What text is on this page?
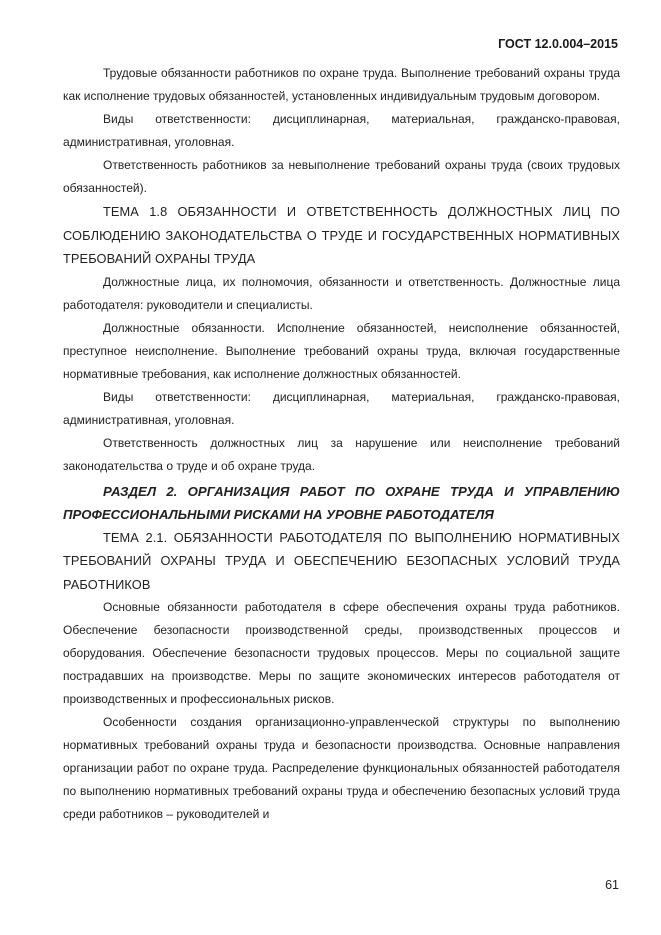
ГОСТ 12.0.004–2015

Трудовые обязанности работников по охране труда. Выполнение требований охраны труда как исполнение трудовых обязанностей, установленных индивидуальным трудовым договором.

Виды ответственности: дисциплинарная, материальная, гражданско-правовая, административная, уголовная.

Ответственность работников за невыполнение требований охраны труда (своих трудовых обязанностей).

ТЕМА 1.8 ОБЯЗАННОСТИ И ОТВЕТСТВЕННОСТЬ ДОЛЖНОСТНЫХ ЛИЦ ПО СОБЛЮДЕНИЮ ЗАКОНОДАТЕЛЬСТВА О ТРУДЕ И ГОСУДАРСТВЕННЫХ НОРМАТИВНЫХ ТРЕБОВАНИЙ ОХРАНЫ ТРУДА

Должностные лица, их полномочия, обязанности и ответственность. Должностные лица работодателя: руководители и специалисты.

Должностные обязанности. Исполнение обязанностей, неисполнение обязанностей, преступное неисполнение. Выполнение требований охраны труда, включая государственные нормативные требования, как исполнение должностных обязанностей.

Виды ответственности: дисциплинарная, материальная, гражданско-правовая, административная, уголовная.

Ответственность должностных лиц за нарушение или неисполнение требований законодательства о труде и об охране труда.

РАЗДЕЛ 2. ОРГАНИЗАЦИЯ РАБОТ ПО ОХРАНЕ ТРУДА И УПРАВЛЕНИЮ ПРОФЕССИОНАЛЬНЫМИ РИСКАМИ НА УРОВНЕ РАБОТОДАТЕЛЯ

ТЕМА 2.1. ОБЯЗАННОСТИ РАБОТОДАТЕЛЯ ПО ВЫПОЛНЕНИЮ НОРМАТИВНЫХ ТРЕБОВАНИЙ ОХРАНЫ ТРУДА И ОБЕСПЕЧЕНИЮ БЕЗОПАСНЫХ УСЛОВИЙ ТРУДА РАБОТНИКОВ

Основные обязанности работодателя в сфере обеспечения охраны труда работников. Обеспечение безопасности производственной среды, производственных процессов и оборудования. Обеспечение безопасности трудовых процессов. Меры по социальной защите пострадавших на производстве. Меры по защите экономических интересов работодателя от производственных и профессиональных рисков.

Особенности создания организационно-управленческой структуры по выполнению нормативных требований охраны труда и безопасности производства. Основные направления организации работ по охране труда. Распределение функциональных обязанностей работодателя по выполнению нормативных требований охраны труда и обеспечению безопасных условий труда среди работников – руководителей и

61
